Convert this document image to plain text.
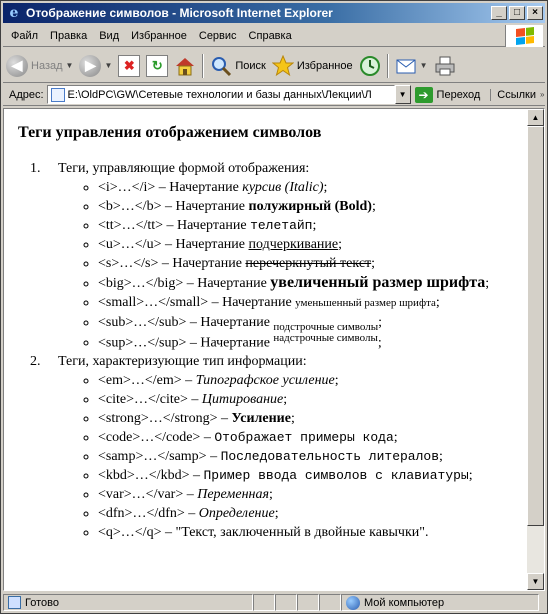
e Отображение символов - Microsoft Internet Explorer	_	□	×
Файл	Правка	Вид	Избранное	Сервис	Справка
◀ Назад ▼ ▶	▼ ✖	↻	Поиск	Избранное	▼
Адрес: E:\OldPC\GW\Сетевые технологии и базы данных\Лекции\Л	▼	➔ Переход Ссылки »
Теги управления отображением символов
1. Теги, управляющие формой отображения:
◦ <i>…</i> – Начертание курсив (Italic);
◦ <b>…</b> – Начертание полужирный (Bold);
◦ <tt>…</tt> – Начертание телетайп;
◦ <u>…</u> – Начертание подчеркивание;
◦ <s>…</s> – Начертание перечеркнутый текст;
◦ <big>…</big> – Начертание увеличенный размер шрифта;
◦ <small>…</small> – Начертание уменьшенный размер шрифта;
◦ <sub>…</sub> – Начертание $_{подстрочные символы}$;
◦ <sup>…</sup> – Начертание $^{надстрочные символы}$;
2. Теги, характеризующие тип информации:
◦ <em>…</em> – Типографское усиление;
◦ <cite>…</cite> – Цитирование;
◦ <strong>…</strong> – Усиление;
◦ <code>…</code> – Отображает примеры кода;
◦ <samp>…</samp> – Последовательность литералов;
◦ <kbd>…</kbd> – Пример ввода символов с клавиатуры;
◦ <var>…</var> – Переменная;
◦ <dfn>…</dfn> – Определение;
◦ <q>…</q> – "Текст, заключенный в двойные кавычки".
▲
▼
Готово	Мой компьютер
